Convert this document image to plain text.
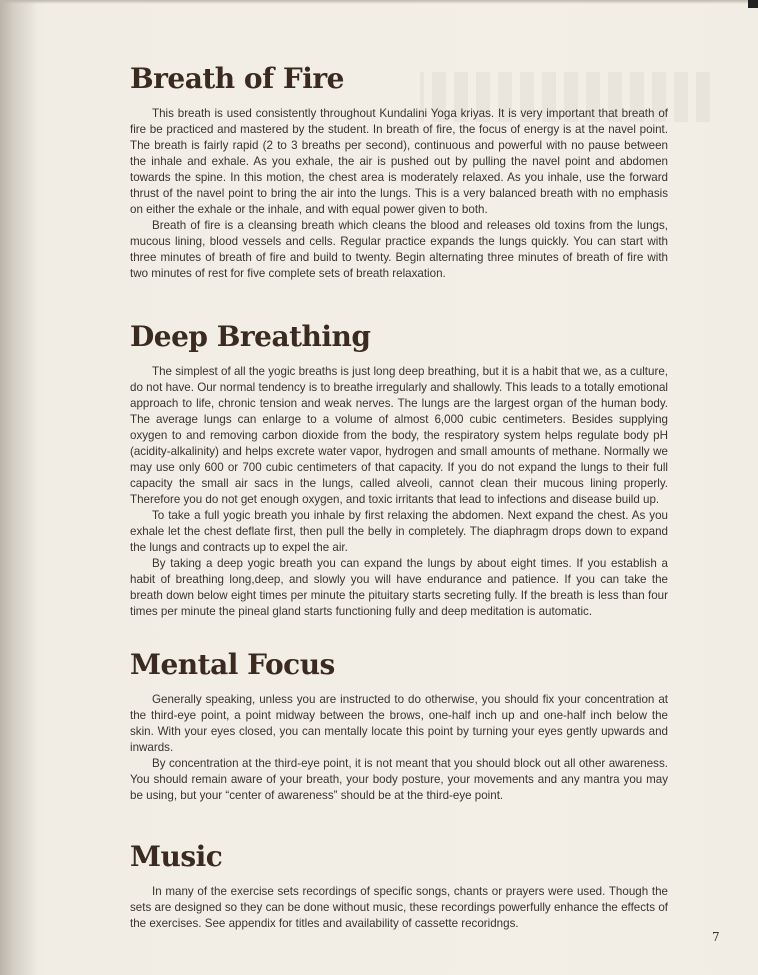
Breath of Fire

This breath is used consistently throughout Kundalini Yoga kriyas. It is very important that breath of fire be practiced and mastered by the student. In breath of fire, the focus of energy is at the navel point. The breath is fairly rapid (2 to 3 breaths per second), continuous and powerful with no pause between the inhale and exhale. As you exhale, the air is pushed out by pulling the navel point and abdomen towards the spine. In this motion, the chest area is moderately relaxed. As you inhale, use the forward thrust of the navel point to bring the air into the lungs. This is a very balanced breath with no emphasis on either the exhale or the inhale, and with equal power given to both.

Breath of fire is a cleansing breath which cleans the blood and releases old toxins from the lungs, mucous lining, blood vessels and cells. Regular practice expands the lungs quickly. You can start with three minutes of breath of fire and build to twenty. Begin alternating three minutes of breath of fire with two minutes of rest for five complete sets of breath relaxation.

Deep Breathing

The simplest of all the yogic breaths is just long deep breathing, but it is a habit that we, as a culture, do not have. Our normal tendency is to breathe irregularly and shallowly. This leads to a totally emotional approach to life, chronic tension and weak nerves. The lungs are the largest organ of the human body. The average lungs can enlarge to a volume of almost 6,000 cubic centimeters. Besides supplying oxygen to and removing carbon dioxide from the body, the respiratory system helps regulate body pH (acidity-alkalinity) and helps excrete water vapor, hydrogen and small amounts of methane. Normally we may use only 600 or 700 cubic centimeters of that capacity. If you do not expand the lungs to their full capacity the small air sacs in the lungs, called alveoli, cannot clean their mucous lining properly. Therefore you do not get enough oxygen, and toxic irritants that lead to infections and disease build up.

To take a full yogic breath you inhale by first relaxing the abdomen. Next expand the chest. As you exhale let the chest deflate first, then pull the belly in completely. The diaphragm drops down to expand the lungs and contracts up to expel the air.

By taking a deep yogic breath you can expand the lungs by about eight times. If you establish a habit of breathing long,deep, and slowly you will have endurance and patience. If you can take the breath down below eight times per minute the pituitary starts secreting fully. If the breath is less than four times per minute the pineal gland starts functioning fully and deep meditation is automatic.

Mental Focus

Generally speaking, unless you are instructed to do otherwise, you should fix your concentration at the third-eye point, a point midway between the brows, one-half inch up and one-half inch below the skin. With your eyes closed, you can mentally locate this point by turning your eyes gently upwards and inwards.

By concentration at the third-eye point, it is not meant that you should block out all other awareness. You should remain aware of your breath, your body posture, your movements and any mantra you may be using, but your “center of awareness” should be at the third-eye point.

Music

In many of the exercise sets recordings of specific songs, chants or prayers were used. Though the sets are designed so they can be done without music, these recordings powerfully enhance the effects of the exercises. See appendix for titles and availability of cassette recoridngs.

7
